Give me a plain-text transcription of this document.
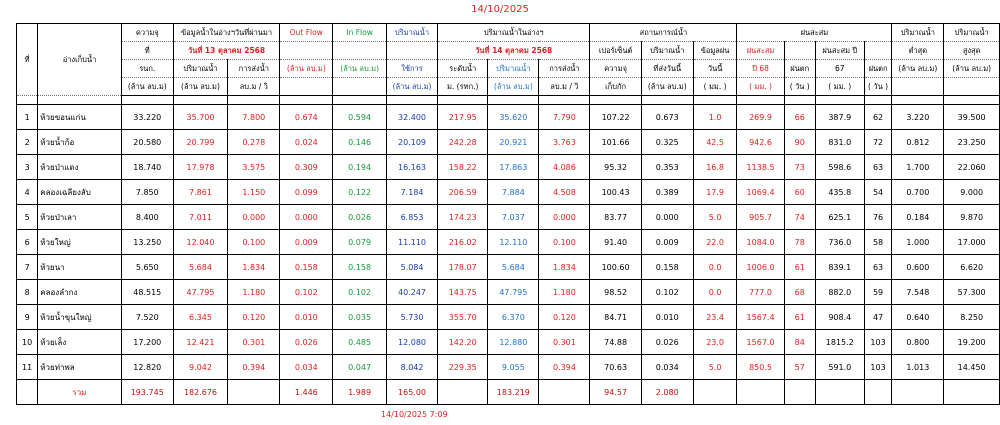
14/10/2025
ที่	อ่างเก็บน้ำ	ความจุ	ข้อมูลน้ำในอ่างฯวันที่ผ่านมา		Out Flow	In Flow	ปริมาณน้ำ	ปริมาณน้ำในอ่างฯ			สถานการณ์น้ำ			ฝนสะสม				ปริมาณน้ำ	ปริมาณน้ำ
		ที่	วันที่ 13 ตุลาคม 2568					วันที่ 14 ตุลาคม 2568			เปอร์เซ็นต์	ปริมาณน้ำ	ข้อมูลฝน	ฝนสะสม		ฝนสะสม ปี		ต่ำสุด	สูงสุด
		รนก.	ปริมาณน้ำ	การส่งน้ำ	(ล้าน ลบ.ม)	(ล้าน ลบ.ม)	ใช้การ	ระดับน้ำ	ปริมาณน้ำ	การส่งน้ำ	ความจุ	ที่ส่งวันนี้	วันนี้	ปี 68	ฝนตก	67	ฝนตก	(ล้าน ลบ.ม)	(ล้าน ลบ.ม)
		(ล้าน ลบ.ม)	(ล้าน ลบ.ม)	ลบ.ม / วิ			(ล้าน ลบ.ม)	ม. (รทก.)	(ล้าน ลบ.ม)	ลบ.ม / วิ	เก็บกัก	(ล้าน ลบ.ม)	( มม. )	( มม. )	( วัน )	( มม. )	( วัน )		

1	ห้วยขอนแก่น	33.220	35.700	7.800	0.674	0.594	32.400	217.95	35.620	7.790	107.22	0.673	1.0	269.9	66	387.9	62	3.220	39.500
2	ห้วยน้ำก้อ	20.580	20.799	0.278	0.024	0.146	20.109	242.28	20.921	3.763	101.66	0.325	42.5	942.6	90	831.0	72	0.812	23.250
3	ห้วยป่าแดง	18.740	17.978	3.575	0.309	0.194	16.163	158.22	17.863	4.086	95.32	0.353	16.8	1138.5	73	598.6	63	1.700	22.060
4	คลองเฉลียงลับ	7.850	7.861	1.150	0.099	0.122	7.184	206.59	7.884	4.508	100.43	0.389	17.9	1069.4	60	435.8	54	0.700	9.000
5	ห้วยป่าเลา	8.400	7.011	0.000	0.000	0.026	6.853	174.23	7.037	0.000	83.77	0.000	5.0	905.7	74	625.1	76	0.184	9.870
6	ห้วยใหญ่	13.250	12.040	0.100	0.009	0.079	11.110	216.02	12.110	0.100	91.40	0.009	22.0	1084.0	78	736.0	58	1.000	17.000
7	ห้วยนา	5.650	5.684	1.834	0.158	0.158	5.084	178.07	5.684	1.834	100.60	0.158	0.0	1006.0	61	839.1	63	0.600	6.620
8	คลองลำกง	48.515	47.795	1.180	0.102	0.102	40.247	143.75	47.795	1.180	98.52	0.102	0.0	777.0	68	882.0	59	7.548	57.300
9	ห้วยน้ำขุนใหญ่	7.520	6.345	0.120	0.010	0.035	5.730	355.70	6.370	0.120	84.71	0.010	23.4	1567.4	61	908.4	47	0.640	8.250
10	ห้วยเล็ง	17.200	12.421	0.301	0.026	0.485	12.080	142.20	12.880	0.301	74.88	0.026	23.0	1567.0	84	1815.2	103	0.800	19.200
11	ห้วยท่าพล	12.820	9.042	0.394	0.034	0.047	8.042	229.35	9.055	0.394	70.63	0.034	5.0	850.5	57	591.0	103	1.013	14.450
	รวม	193.745	182.676		1.446	1.989	165.00		183.219		94.57	2.080							
14/10/2025 7:09
